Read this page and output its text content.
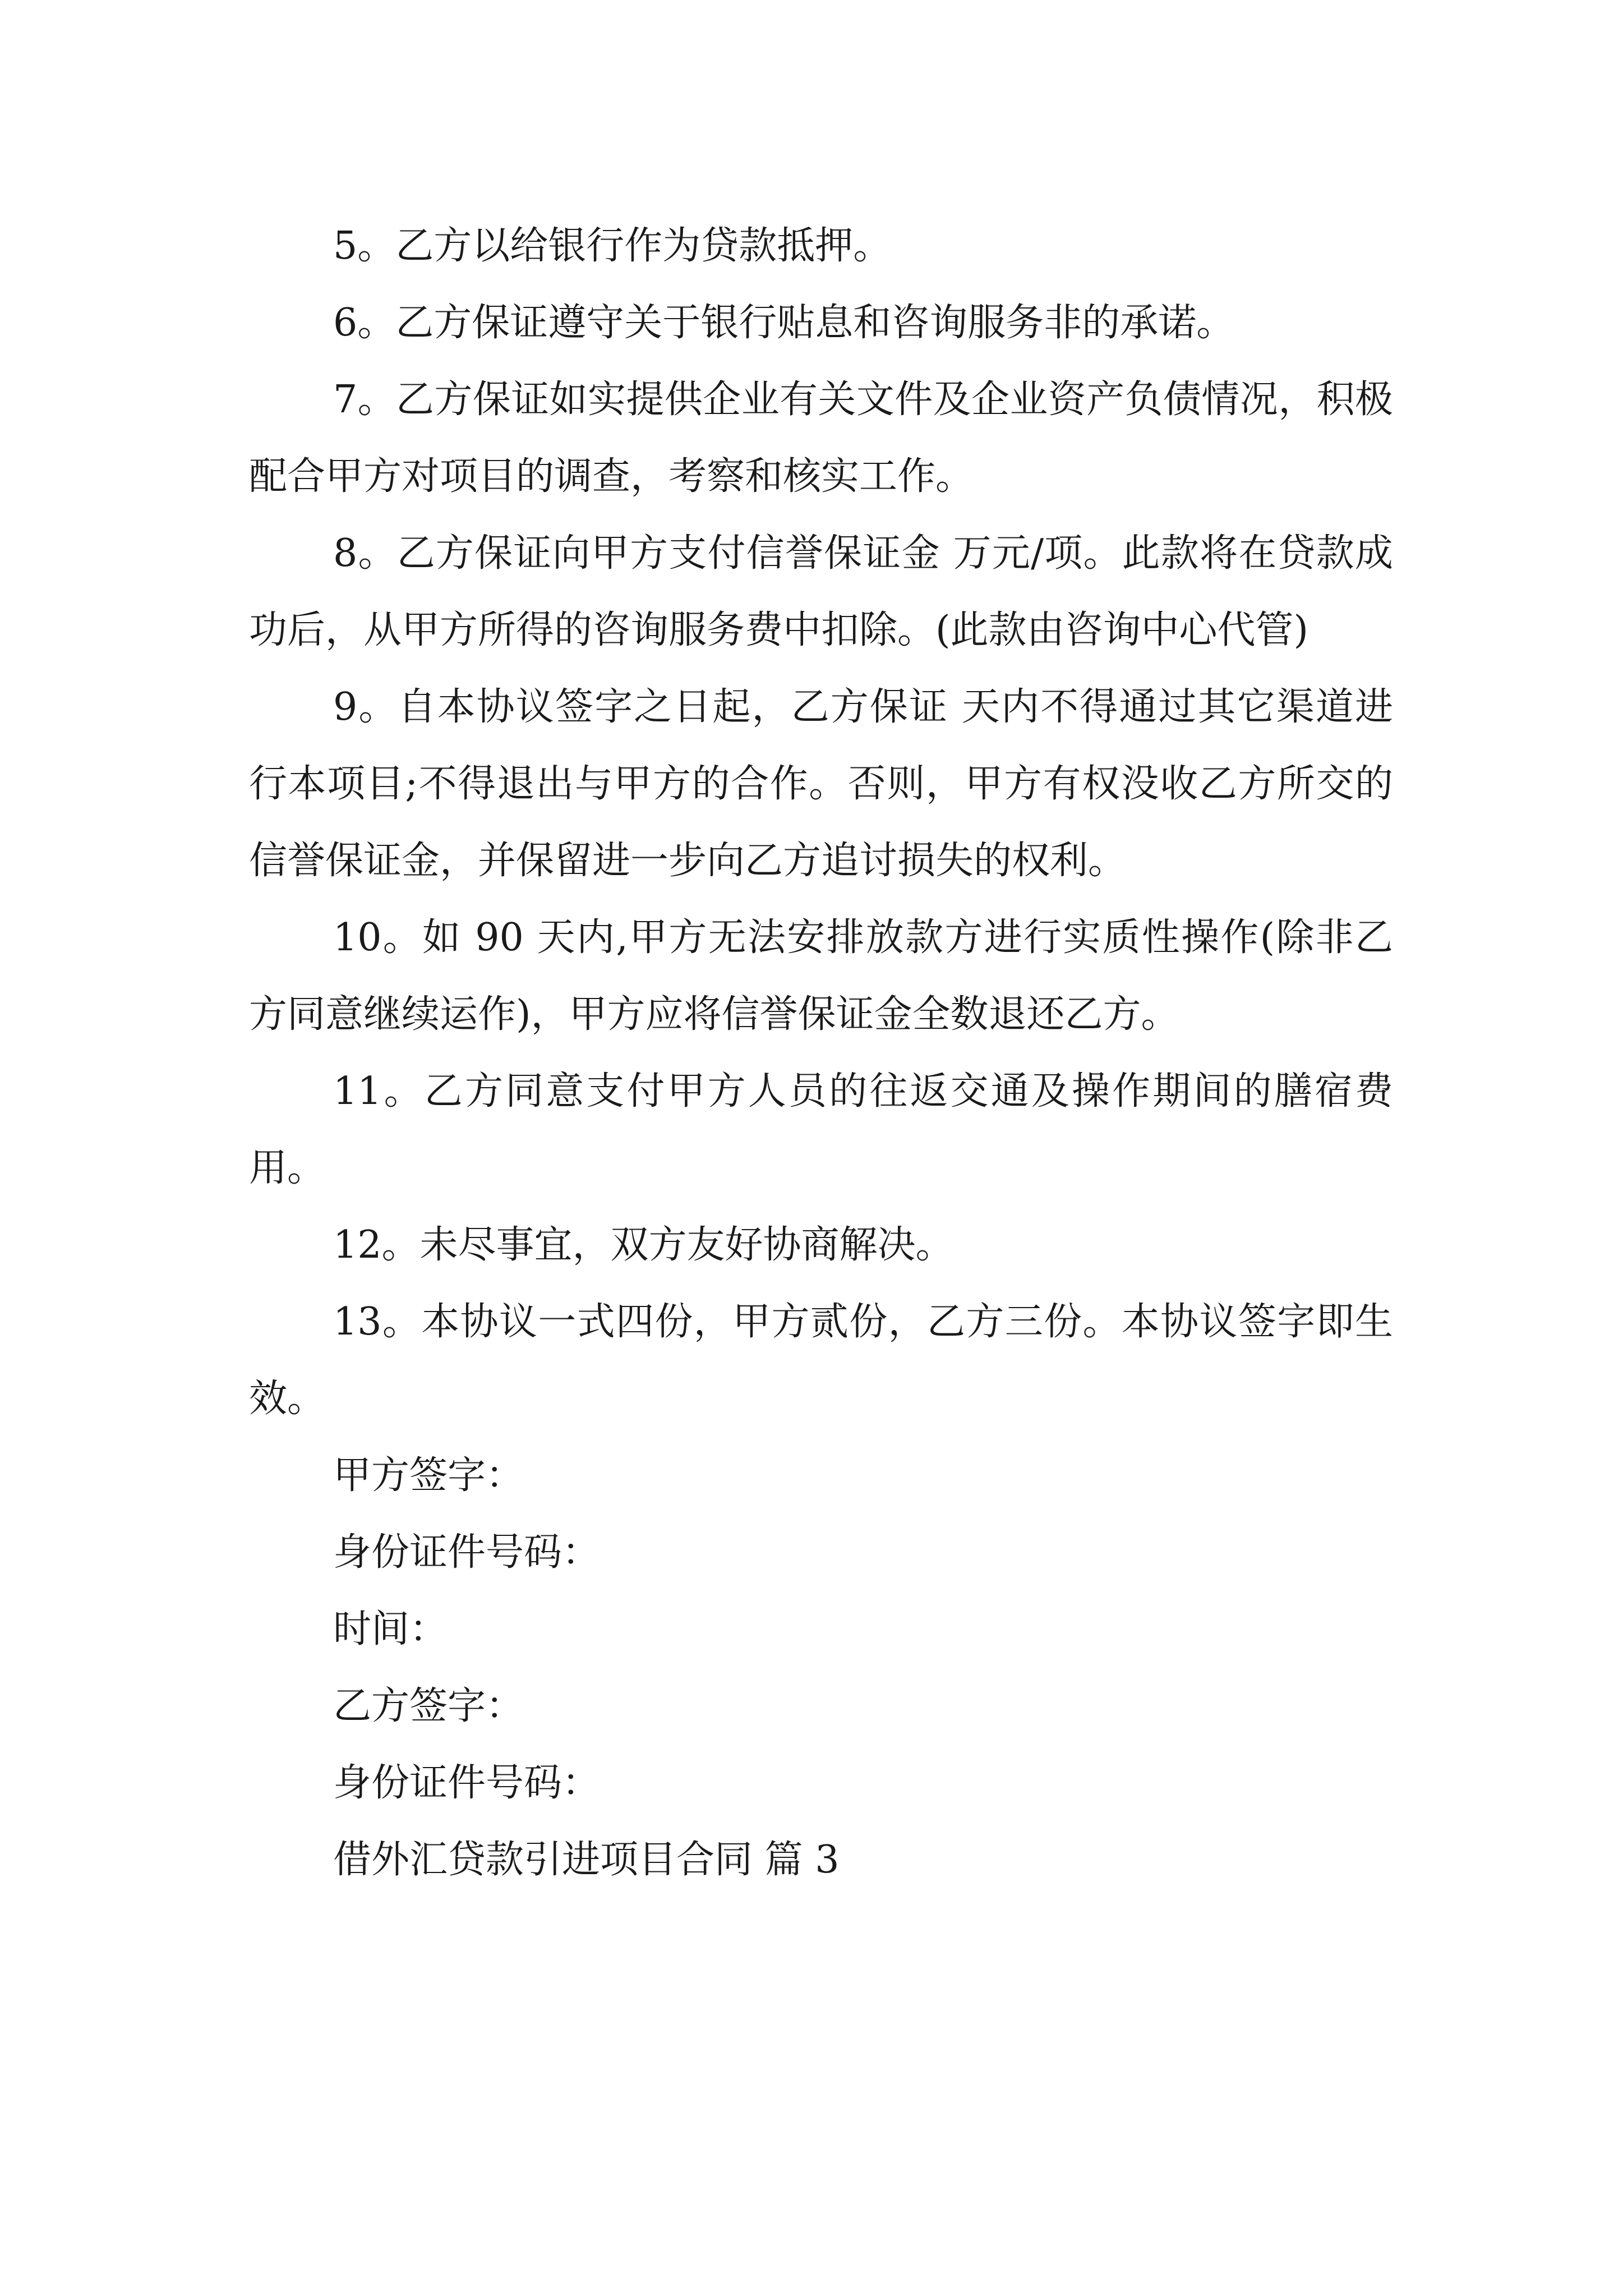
5。乙方以给银行作为贷款抵押。

6。乙方保证遵守关于银行贴息和咨询服务非的承诺。

7。乙方保证如实提供企业有关文件及企业资产负债情况，积极配合甲方对项目的调查，考察和核实工作。

8。乙方保证向甲方支付信誉保证金 万元/项。此款将在贷款成功后，从甲方所得的咨询服务费中扣除。(此款由咨询中心代管)

9。自本协议签字之日起，乙方保证 天内不得通过其它渠道进行本项目;不得退出与甲方的合作。否则，甲方有权没收乙方所交的信誉保证金，并保留进一步向乙方追讨损失的权利。

10。如 90 天内,甲方无法安排放款方进行实质性操作(除非乙方同意继续运作)，甲方应将信誉保证金全数退还乙方。

11。乙方同意支付甲方人员的往返交通及操作期间的膳宿费用。

12。未尽事宜，双方友好协商解决。

13。本协议一式四份，甲方贰份，乙方三份。本协议签字即生效。

甲方签字：

身份证件号码：

时间：

乙方签字：

身份证件号码：

借外汇贷款引进项目合同 篇 3
